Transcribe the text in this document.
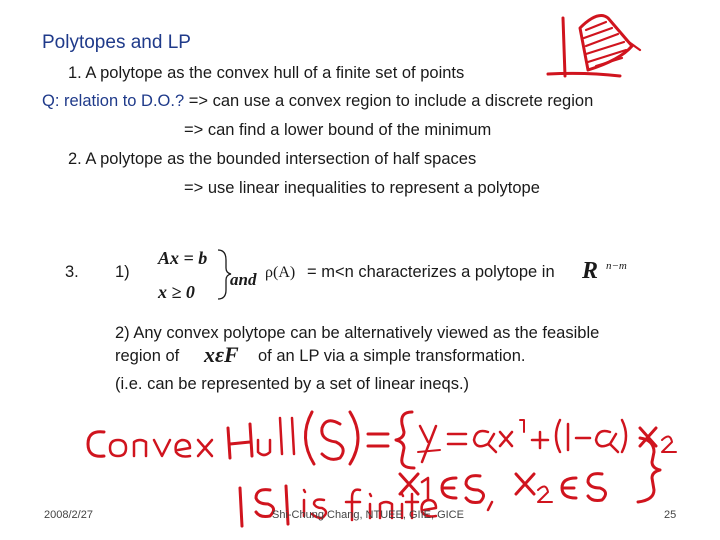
Polytopes and LP
1. A polytope as the convex hull of a finite set of points
Q: relation to D.O.? => can use a convex region to include a discrete region
=> can find a lower bound of the minimum
2. A polytope as the bounded intersection of half spaces
=> use linear inequalities to represent a polytope
3. 1)
Ax = b
x ≥ 0
and ρ(A) = m<n characterizes a polytope in R n−m
2) Any convex polytope can be alternatively viewed as the feasible
region of xεF of an LP via a simple transformation.
(i.e. can be represented by a set of linear ineqs.)
2008/2/27	Shi-Chung Chang, NTUEE, GIIE, GICE	25
